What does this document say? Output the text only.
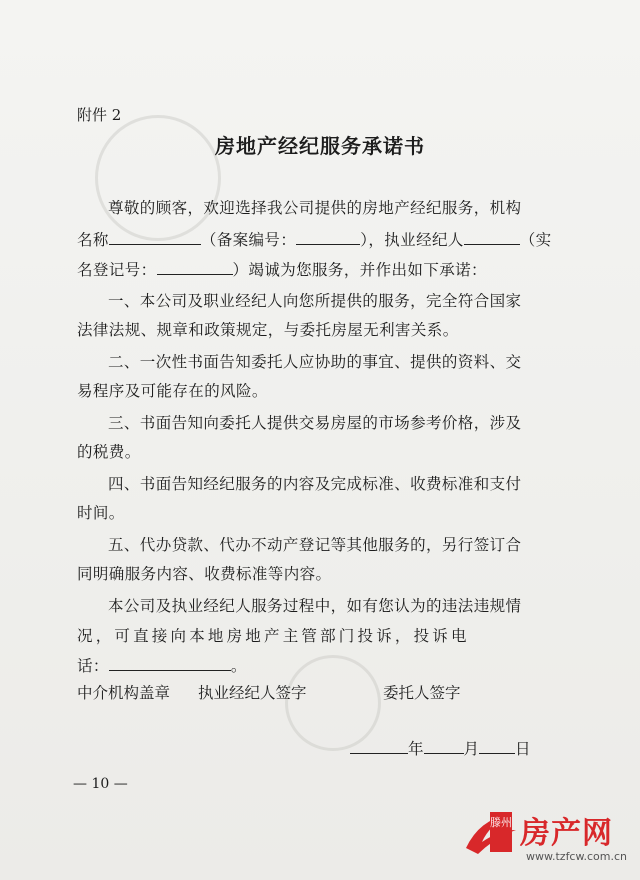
附件 2
房地产经纪服务承诺书
尊敬的顾客，欢迎选择我公司提供的房地产经纪服务，机构
名称	（备案编号：	），执业经纪人	（实
名登记号：	）竭诚为您服务，并作出如下承诺：
一、本公司及职业经纪人向您所提供的服务，完全符合国家
法律法规、规章和政策规定，与委托房屋无利害关系。
二、一次性书面告知委托人应协助的事宜、提供的资料、交
易程序及可能存在的风险。
三、书面告知向委托人提供交易房屋的市场参考价格，涉及
的税费。
四、书面告知经纪服务的内容及完成标准、收费标准和支付
时间。
五、代办贷款、代办不动产登记等其他服务的，另行签订合
同明确服务内容、收费标准等内容。
本公司及执业经纪人服务过程中，如有您认为的违法违规情
况，可直接向本地房地产主管部门投诉，投诉电
话：	。
中介机构盖章 执业经纪人签字	委托人签字
年	月 日
— 10 —
滕州 房产网
www.tzfcw.com.cn
